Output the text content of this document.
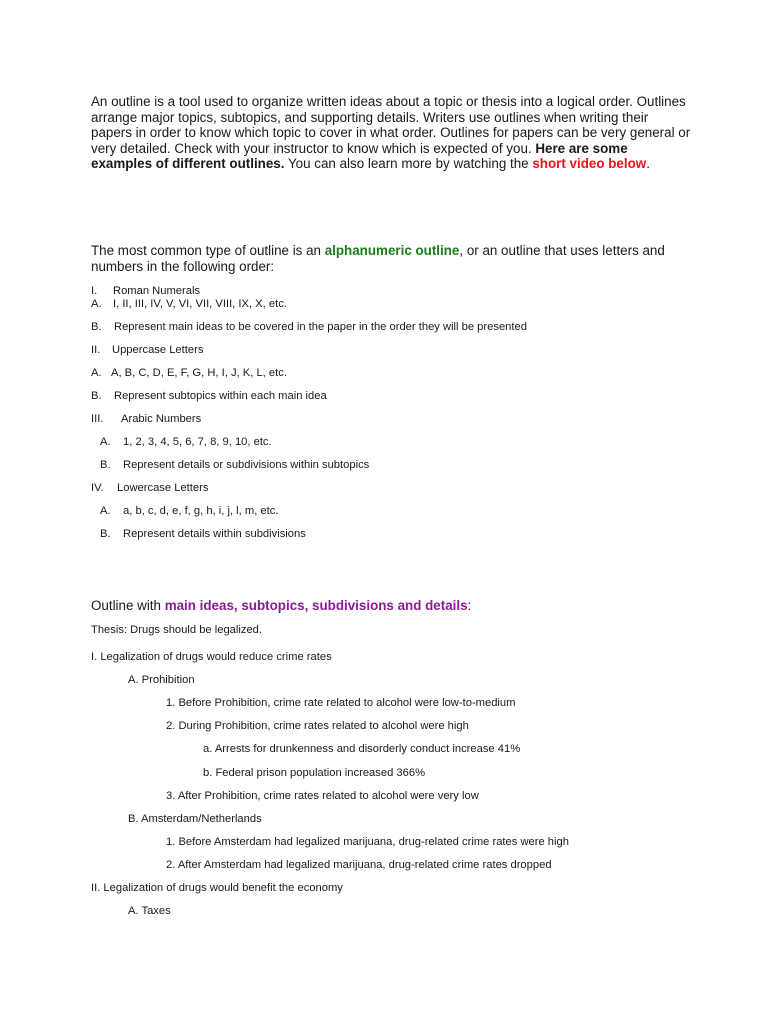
An outline is a tool used to organize written ideas about a topic or thesis into a logical order. Outlines arrange major topics, subtopics, and supporting details. Writers use outlines when writing their papers in order to know which topic to cover in what order. Outlines for papers can be very general or very detailed. Check with your instructor to know which is expected of you. Here are some examples of different outlines. You can also learn more by watching the short video below.

The most common type of outline is an alphanumeric outline, or an outline that uses letters and numbers in the following order:

I. Roman Numerals

A. I, II, III, IV, V, VI, VII, VIII, IX, X, etc.

B. Represent main ideas to be covered in the paper in the order they will be presented

II. Uppercase Letters

A. A, B, C, D, E, F, G, H, I, J, K, L, etc.

B. Represent subtopics within each main idea

III. Arabic Numbers

A. 1, 2, 3, 4, 5, 6, 7, 8, 9, 10, etc.

B. Represent details or subdivisions within subtopics

IV. Lowercase Letters

A. a, b, c, d, e, f, g, h, i, j, l, m, etc.

B. Represent details within subdivisions

Outline with main ideas, subtopics, subdivisions and details:

Thesis: Drugs should be legalized.

I. Legalization of drugs would reduce crime rates

A. Prohibition

1. Before Prohibition, crime rate related to alcohol were low-to-medium

2. During Prohibition, crime rates related to alcohol were high

a. Arrests for drunkenness and disorderly conduct increase 41%

b. Federal prison population increased 366%

3. After Prohibition, crime rates related to alcohol were very low

B. Amsterdam/Netherlands

1. Before Amsterdam had legalized marijuana, drug-related crime rates were high

2. After Amsterdam had legalized marijuana, drug-related crime rates dropped

II. Legalization of drugs would benefit the economy

A. Taxes
